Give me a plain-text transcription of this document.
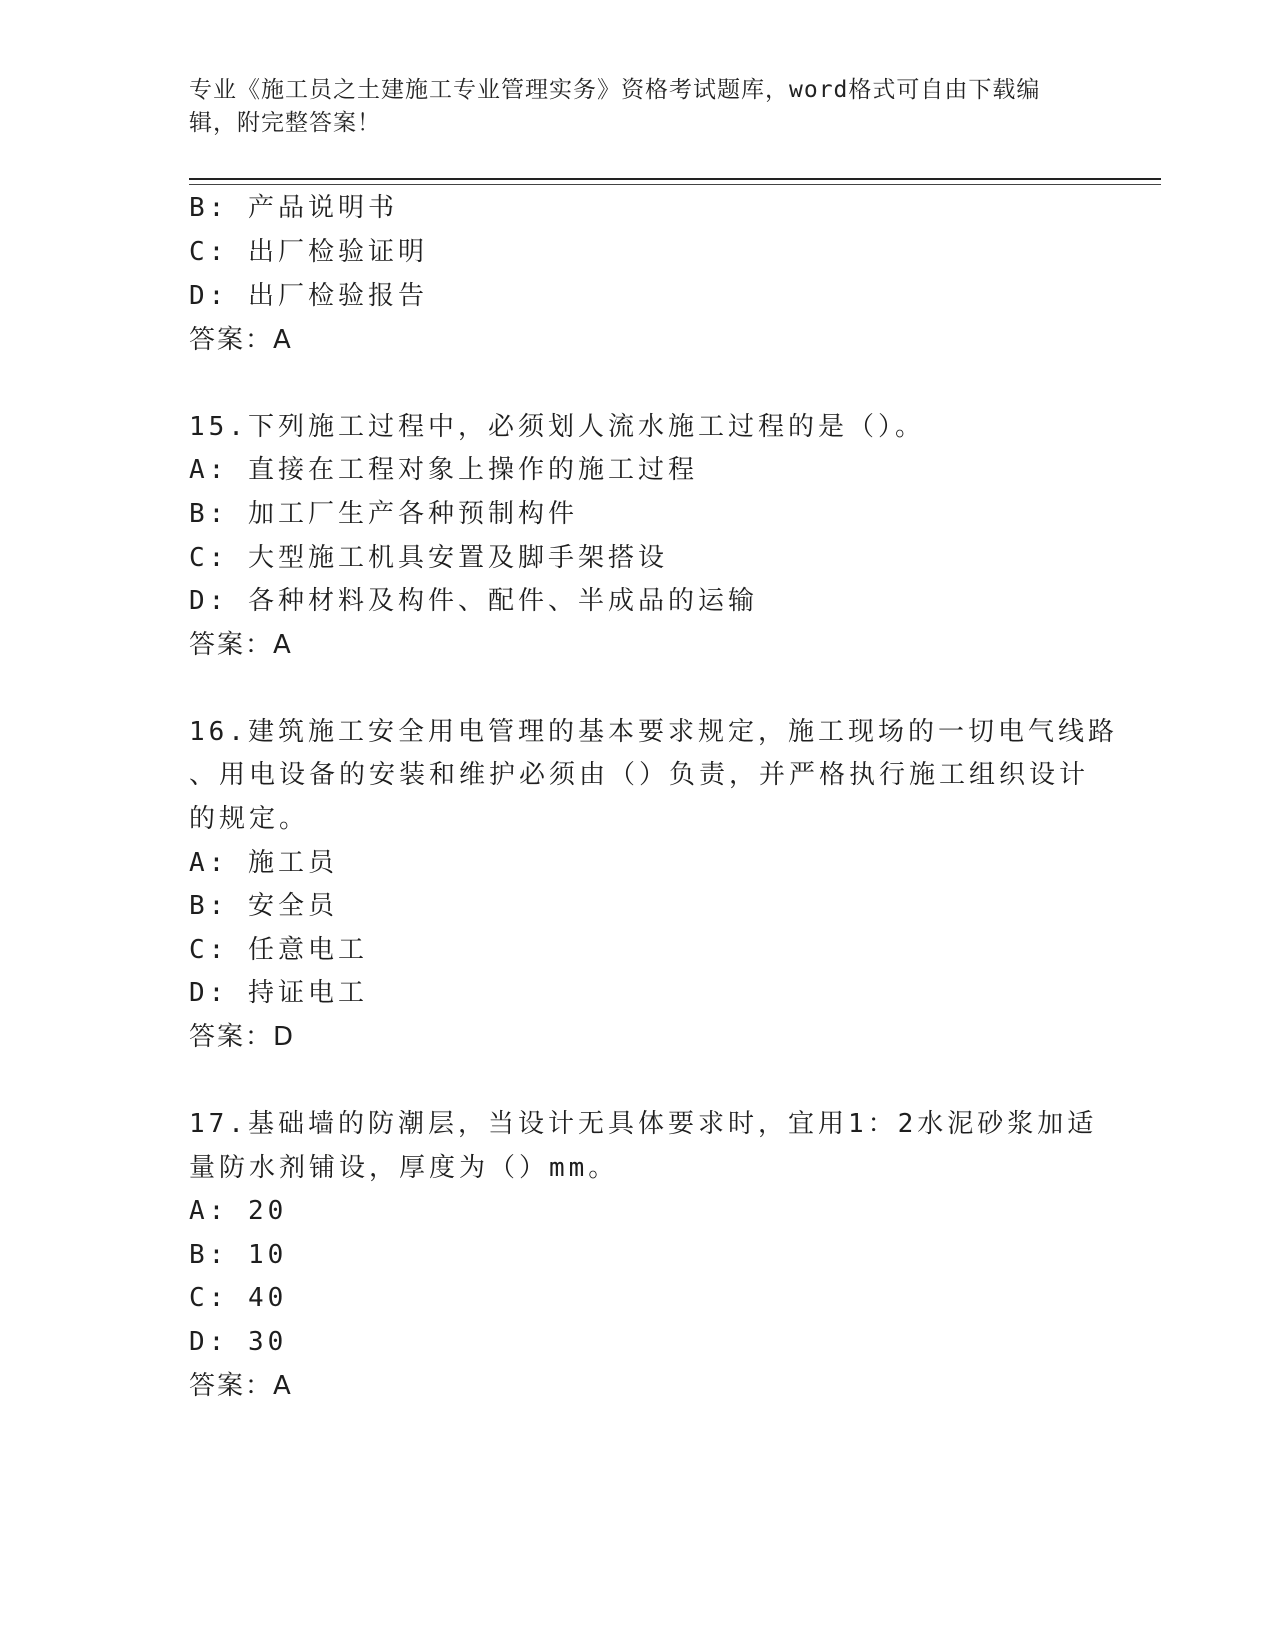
专业《施工员之土建施工专业管理实务》资格考试题库，word格式可自由下载编
辑，附完整答案！
B: 产品说明书
C: 出厂检验证明
D: 出厂检验报告
答案：A
15.下列施工过程中，必须划人流水施工过程的是（）。
A: 直接在工程对象上操作的施工过程
B: 加工厂生产各种预制构件
C: 大型施工机具安置及脚手架搭设
D: 各种材料及构件、配件、半成品的运输
答案：A
16.建筑施工安全用电管理的基本要求规定，施工现场的一切电气线路
、用电设备的安装和维护必须由（）负责，并严格执行施工组织设计
的规定。
A: 施工员
B: 安全员
C: 任意电工
D: 持证电工
答案：D
17.基础墙的防潮层，当设计无具体要求时，宜用1：2水泥砂浆加适
量防水剂铺设，厚度为（）mm。
A: 20
B: 10
C: 40
D: 30
答案：A
